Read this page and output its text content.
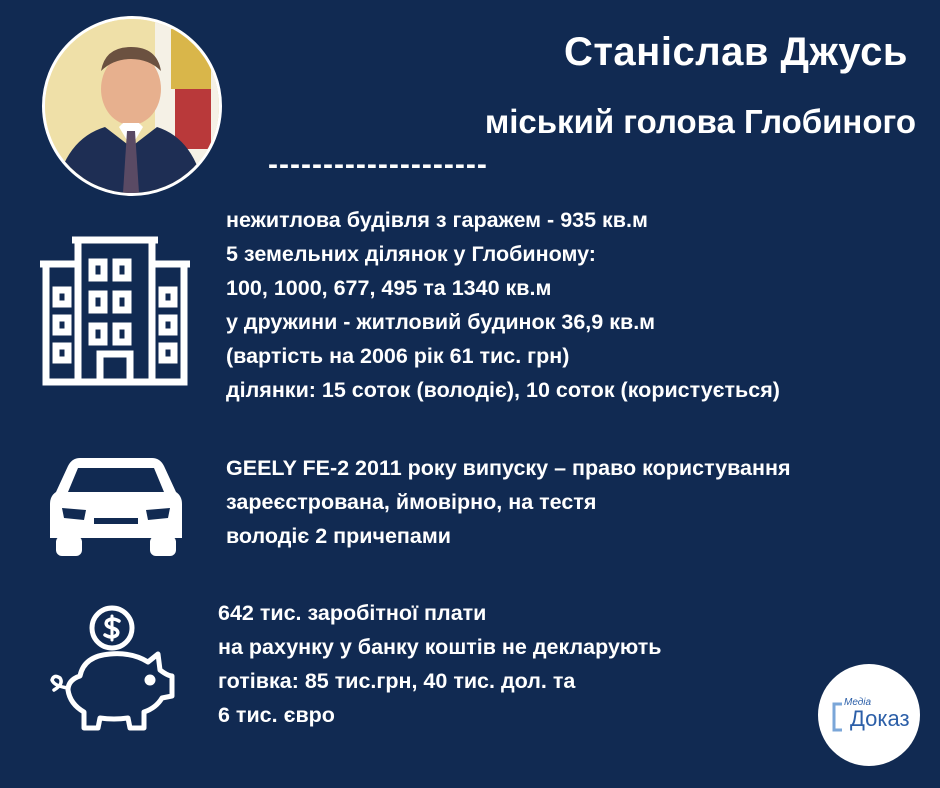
Станіслав Джусь
міський голова Глобиного
--------------------
нежитлова будівля з гаражем - 935 кв.м
5 земельних ділянок у Глобиному:
100, 1000, 677, 495 та 1340 кв.м
у дружини - житловий будинок 36,9 кв.м
(вартість на 2006 рік 61 тис. грн)
ділянки: 15 соток (володіє), 10 соток (користується)
GEELY FE-2 2011 року випуску – право користування
зареєстрована, ймовірно, на тестя
володіє 2 причепами
642 тис. заробітної плати
на рахунку у банку коштів не декларують
готівка: 85 тис.грн, 40 тис. дол. та
6 тис. євро
Медіа
Доказ
